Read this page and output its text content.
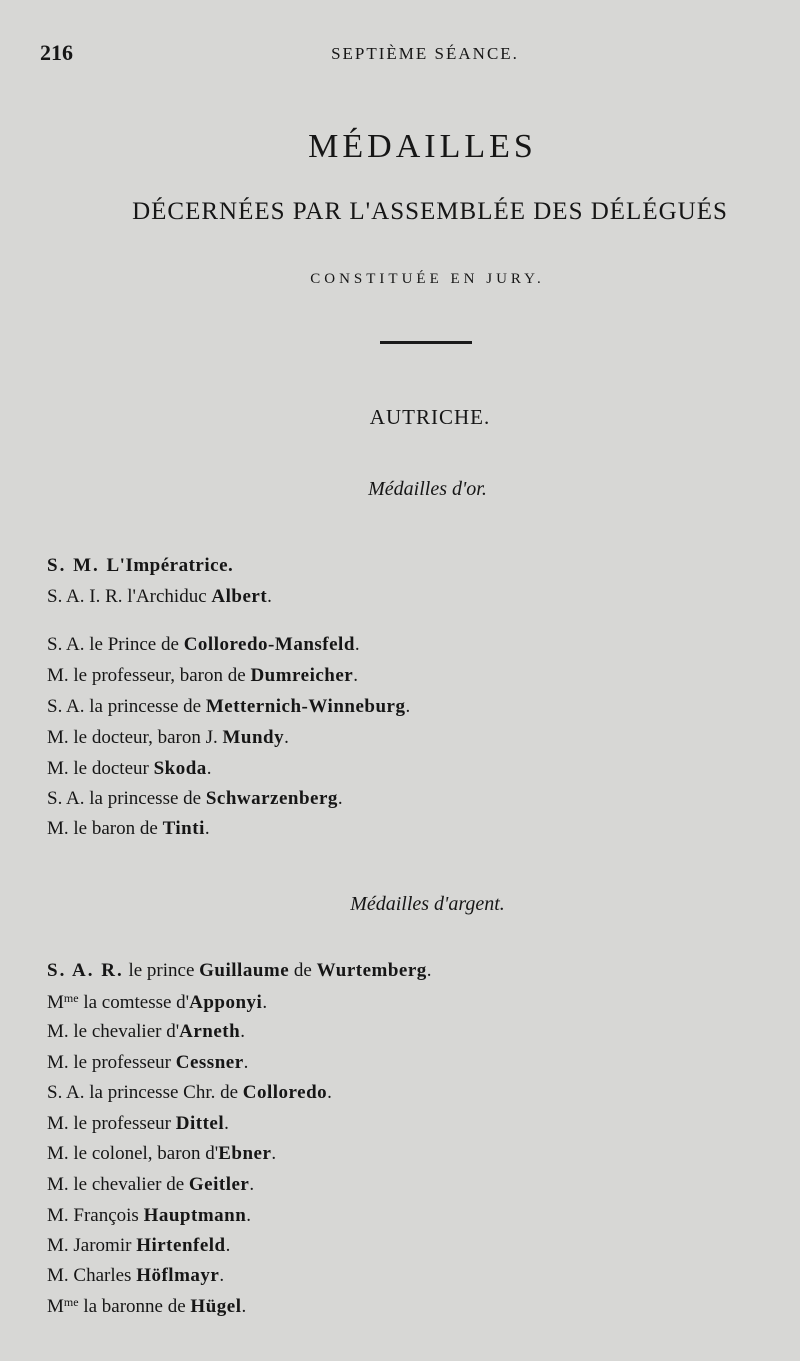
216	SEPTIÈME SÉANCE.
MÉDAILLES
DÉCERNÉES PAR L'ASSEMBLÉE DES DÉLÉGUÉS
CONSTITUÉE EN JURY.
AUTRICHE.
Médailles d'or.
S. M. L'Impératrice.
S. A. I. R. l'Archiduc Albert.
S. A. le Prince de Colloredo-Mansfeld.
M. le professeur, baron de Dumreicher.
S. A. la princesse de Metternich-Winneburg.
M. le docteur, baron J. Mundy.
M. le docteur Skoda.
S. A. la princesse de Schwarzenberg.
M. le baron de Tinti.
Médailles d'argent.
S. A. R. le prince Guillaume de Wurtemberg.
$M^{me}$ la comtesse d'Apponyi.
M. le chevalier d'Arneth.
M. le professeur Cessner.
S. A. la princesse Chr. de Colloredo.
M. le professeur Dittel.
M. le colonel, baron d'Ebner.
M. le chevalier de Geitler.
M. François Hauptmann.
M. Jaromir Hirtenfeld.
M. Charles Höflmayr.
$M^{me}$ la baronne de Hügel.
